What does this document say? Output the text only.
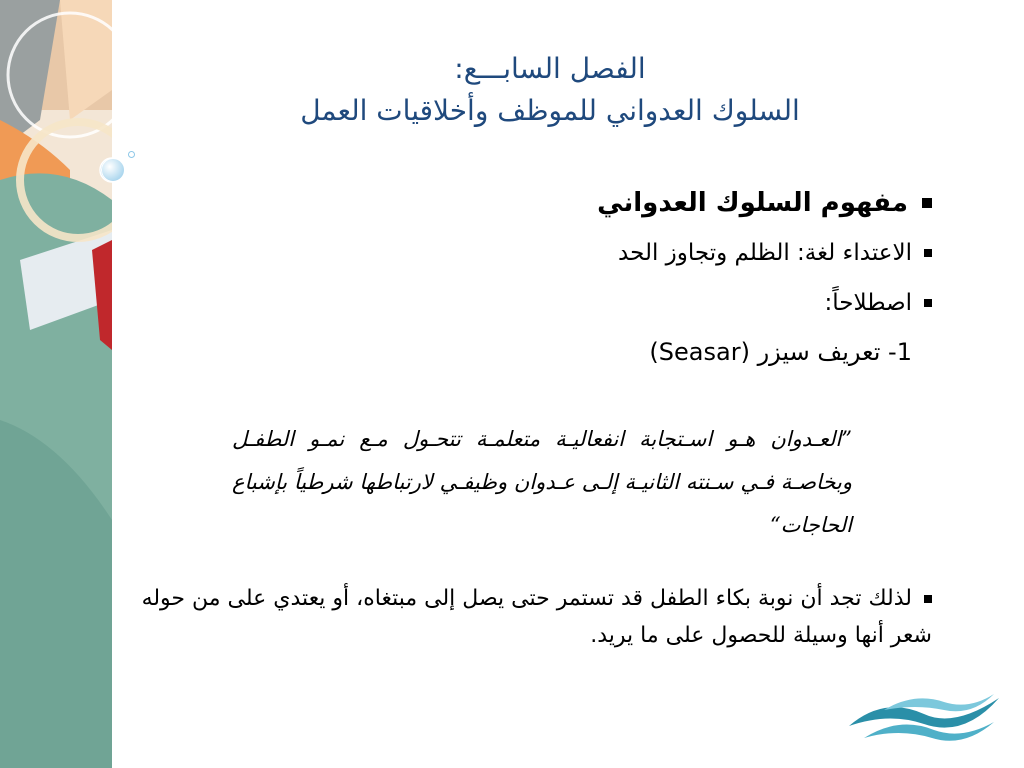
الفصل السابـــع:
السلوك العدواني للموظف وأخلاقيات العمل
مفهوم السلوك العدواني
الاعتداء لغة: الظلم وتجاوز الحد
اصطلاحاً:
1- تعريف سيزر (Seasar)
”العـدوان هـو اسـتجابة انفعاليـة متعلمـة تتحـول مـع نمـو الطفـل وبخاصـة فـي سـنته الثانيـة إلـى عـدوان وظيفـي لارتباطها شرطياً بإشباع الحاجات“
لذلك تجد أن نوبة بكاء الطفل قد تستمر حتى يصل إلى مبتغاه، أو يعتدي على من حوله شعر أنها وسيلة للحصول على ما يريد.
